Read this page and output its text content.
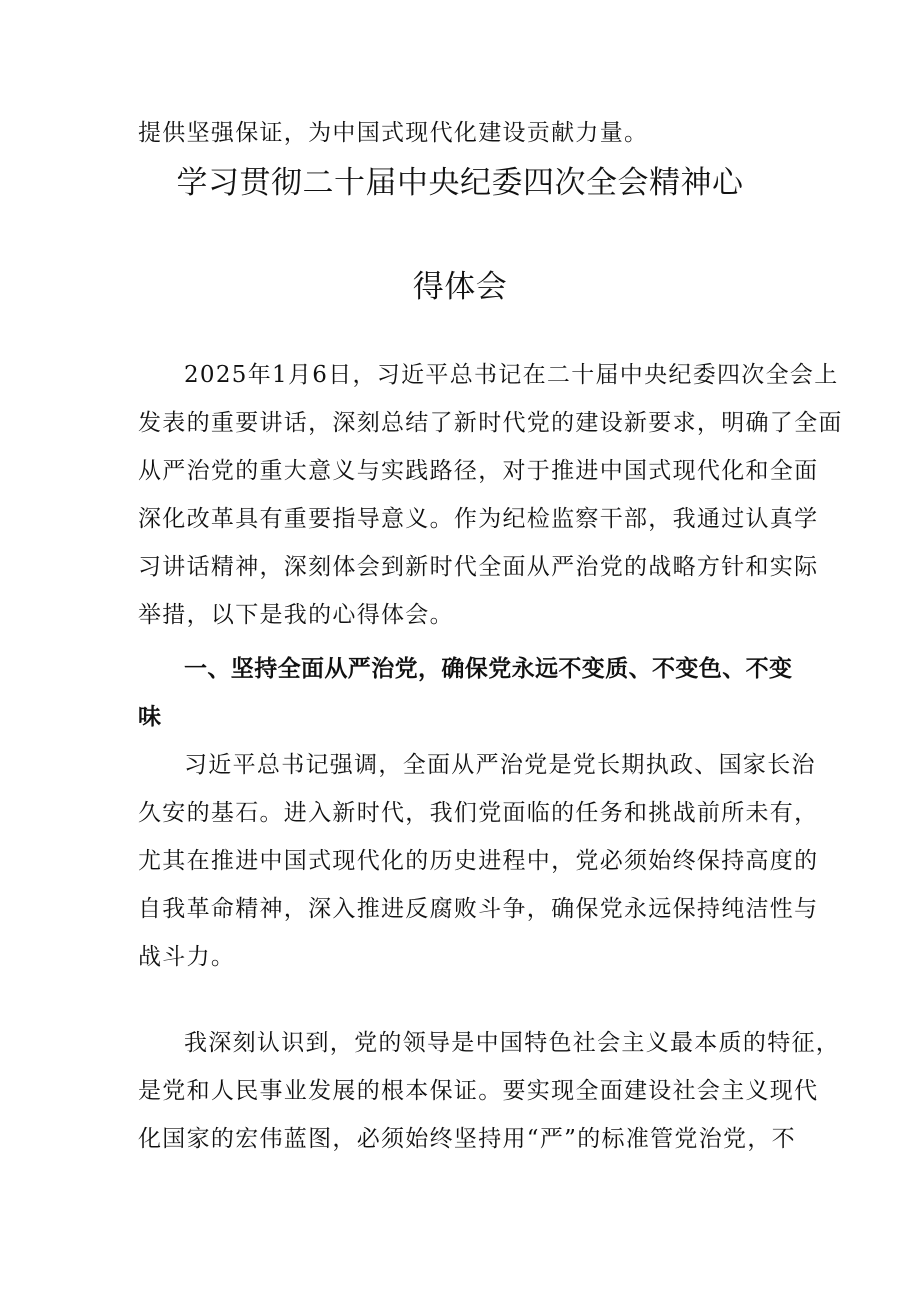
提供坚强保证，为中国式现代化建设贡献力量。
学习贯彻二十届中央纪委四次全会精神心
得体会
2025年1月6日，习近平总书记在二十届中央纪委四次全会上
发表的重要讲话，深刻总结了新时代党的建设新要求，明确了全面
从严治党的重大意义与实践路径，对于推进中国式现代化和全面
深化改革具有重要指导意义。作为纪检监察干部，我通过认真学
习讲话精神，深刻体会到新时代全面从严治党的战略方针和实际
举措，以下是我的心得体会。
一、坚持全面从严治党，确保党永远不变质、不变色、不变
味
习近平总书记强调，全面从严治党是党长期执政、国家长治
久安的基石。进入新时代，我们党面临的任务和挑战前所未有，
尤其在推进中国式现代化的历史进程中，党必须始终保持高度的
自我革命精神，深入推进反腐败斗争，确保党永远保持纯洁性与
战斗力。
我深刻认识到，党的领导是中国特色社会主义最本质的特征，
是党和人民事业发展的根本保证。要实现全面建设社会主义现代
化国家的宏伟蓝图，必须始终坚持用“严”的标准管党治党，不
